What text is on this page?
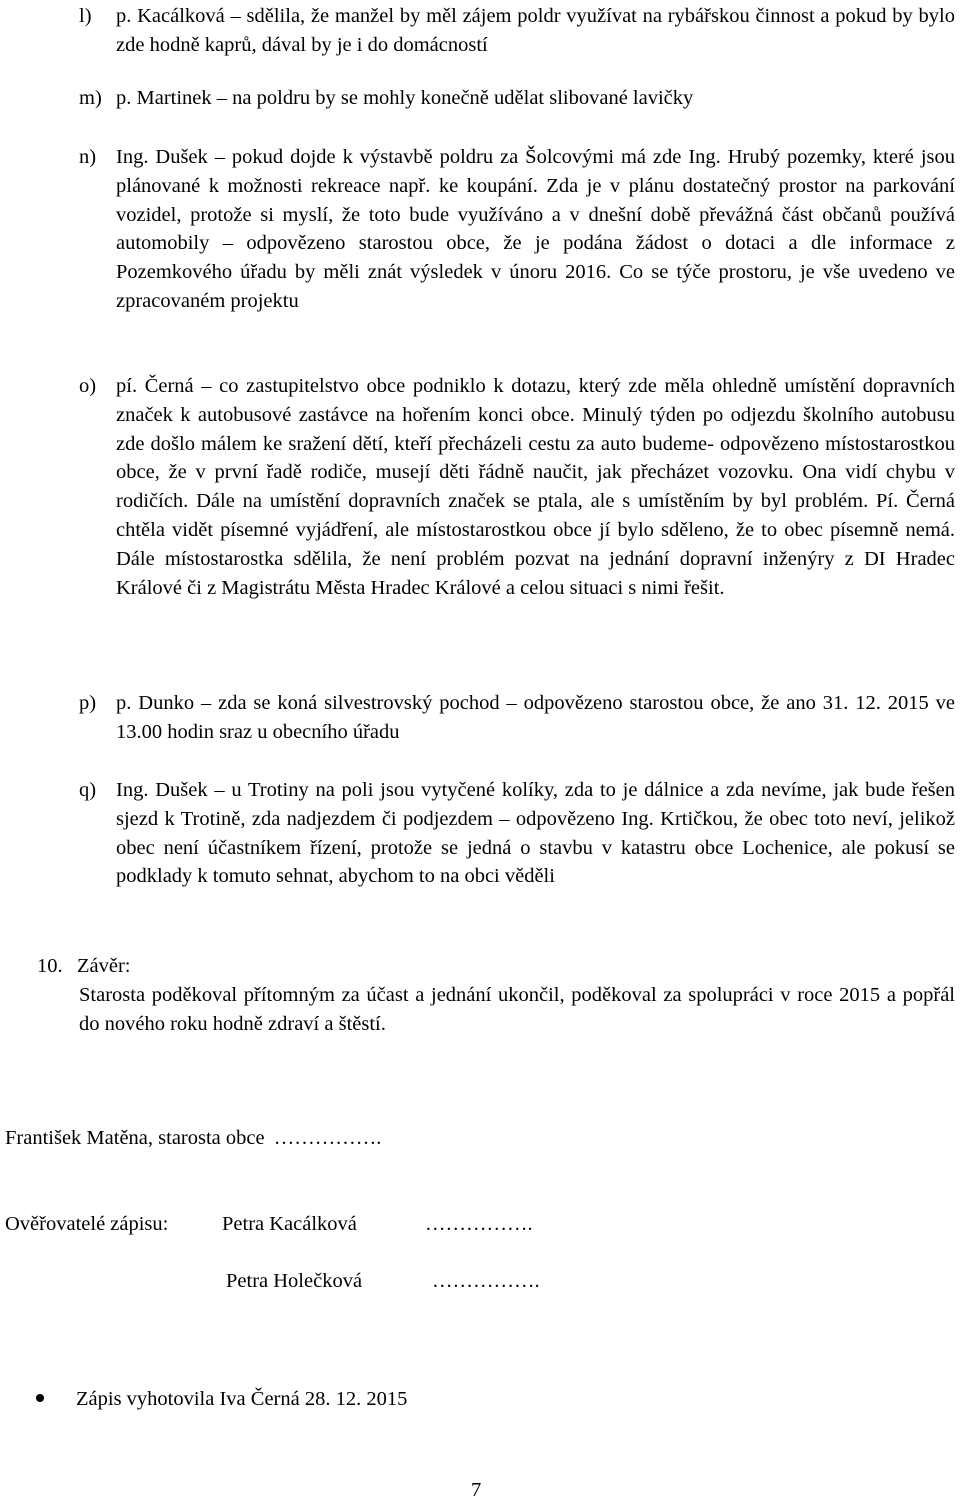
l) p. Kacálková – sdělila, že manžel by měl zájem poldr využívat na rybářskou činnost a pokud by bylo zde hodně kaprů, dával by je i do domácností
m) p. Martinek – na poldru by se mohly konečně udělat slibované lavičky
n) Ing. Dušek – pokud dojde k výstavbě poldru za Šolcovými má zde Ing. Hrubý pozemky, které jsou plánované k možnosti rekreace např. ke koupání. Zda je v plánu dostatečný prostor na parkování vozidel, protože si myslí, že toto bude využíváno a v dnešní době převážná část občanů používá automobily – odpovězeno starostou obce, že je podána žádost o dotaci a dle informace z Pozemkového úřadu by měli znát výsledek v únoru 2016. Co se týče prostoru, je vše uvedeno ve zpracovaném projektu
o) pí. Černá – co zastupitelstvo obce podniklo k dotazu, který zde měla ohledně umístění dopravních značek k autobusové zastávce na hořením konci obce. Minulý týden po odjezdu školního autobusu zde došlo málem ke sražení dětí, kteří přecházeli cestu za auto budeme- odpovězeno místostarostkou obce, že v první řadě rodiče, musejí děti řádně naučit, jak přecházet vozovku. Ona vidí chybu v rodičích. Dále na umístění dopravních značek se ptala, ale s umístěním by byl problém. Pí. Černá chtěla vidět písemné vyjádření, ale místostarostkou obce jí bylo sděleno, že to obec písemně nemá. Dále místostarostka sdělila, že není problém pozvat na jednání dopravní inženýry z DI Hradec Králové či z Magistrátu Města Hradec Králové a celou situaci s nimi řešit.
p) p. Dunko – zda se koná silvestrovský pochod – odpovězeno starostou obce, že ano 31. 12. 2015 ve 13.00 hodin sraz u obecního úřadu
q) Ing. Dušek – u Trotiny na poli jsou vytyčené kolíky, zda to je dálnice a zda nevíme, jak bude řešen sjezd k Trotině, zda nadjezdem či podjezdem – odpovězeno Ing. Krtičkou, že obec toto neví, jelikož obec není účastníkem řízení, protože se jedná o stavbu v katastru obce Lochenice, ale pokusí se podklady k tomuto sehnat, abychom to na obci věděli
10. Závěr:
Starosta poděkoval přítomným za účast a jednání ukončil, poděkoval za spolupráci v roce 2015 a popřál do nového roku hodně zdraví a štěstí.
František Matěna, starosta obce …………….
Ověřovatelé zápisu:	Petra Kacálková	…………….
Petra Holečková	…………….
Zápis vyhotovila Iva Černá 28. 12. 2015
7
